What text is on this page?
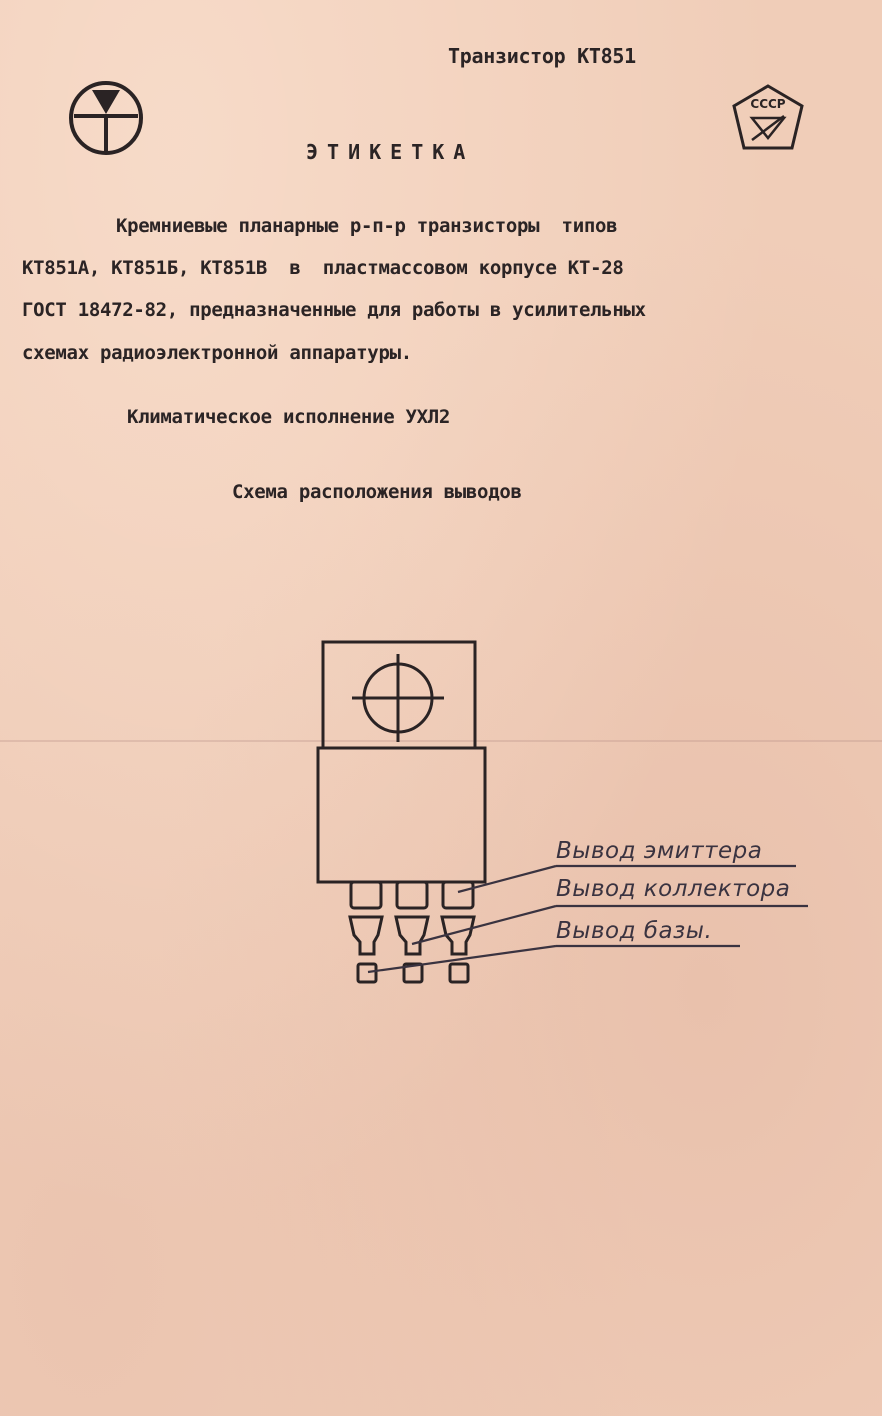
Транзистор КТ851
СССР
ЭТИКЕТКА
Кремниевые планарные р-п-р транзисторы  типов
КТ851А, КТ851Б, КТ851В  в  пластмассовом корпусе КТ-28
ГОСТ 18472-82, предназначенные для работы в усилительных
схемах радиоэлектронной аппаратуры.
Климатическое исполнение УХЛ2
Схема расположения выводов
Вывод эмиттера
Вывод коллектора
Вывод базы.
